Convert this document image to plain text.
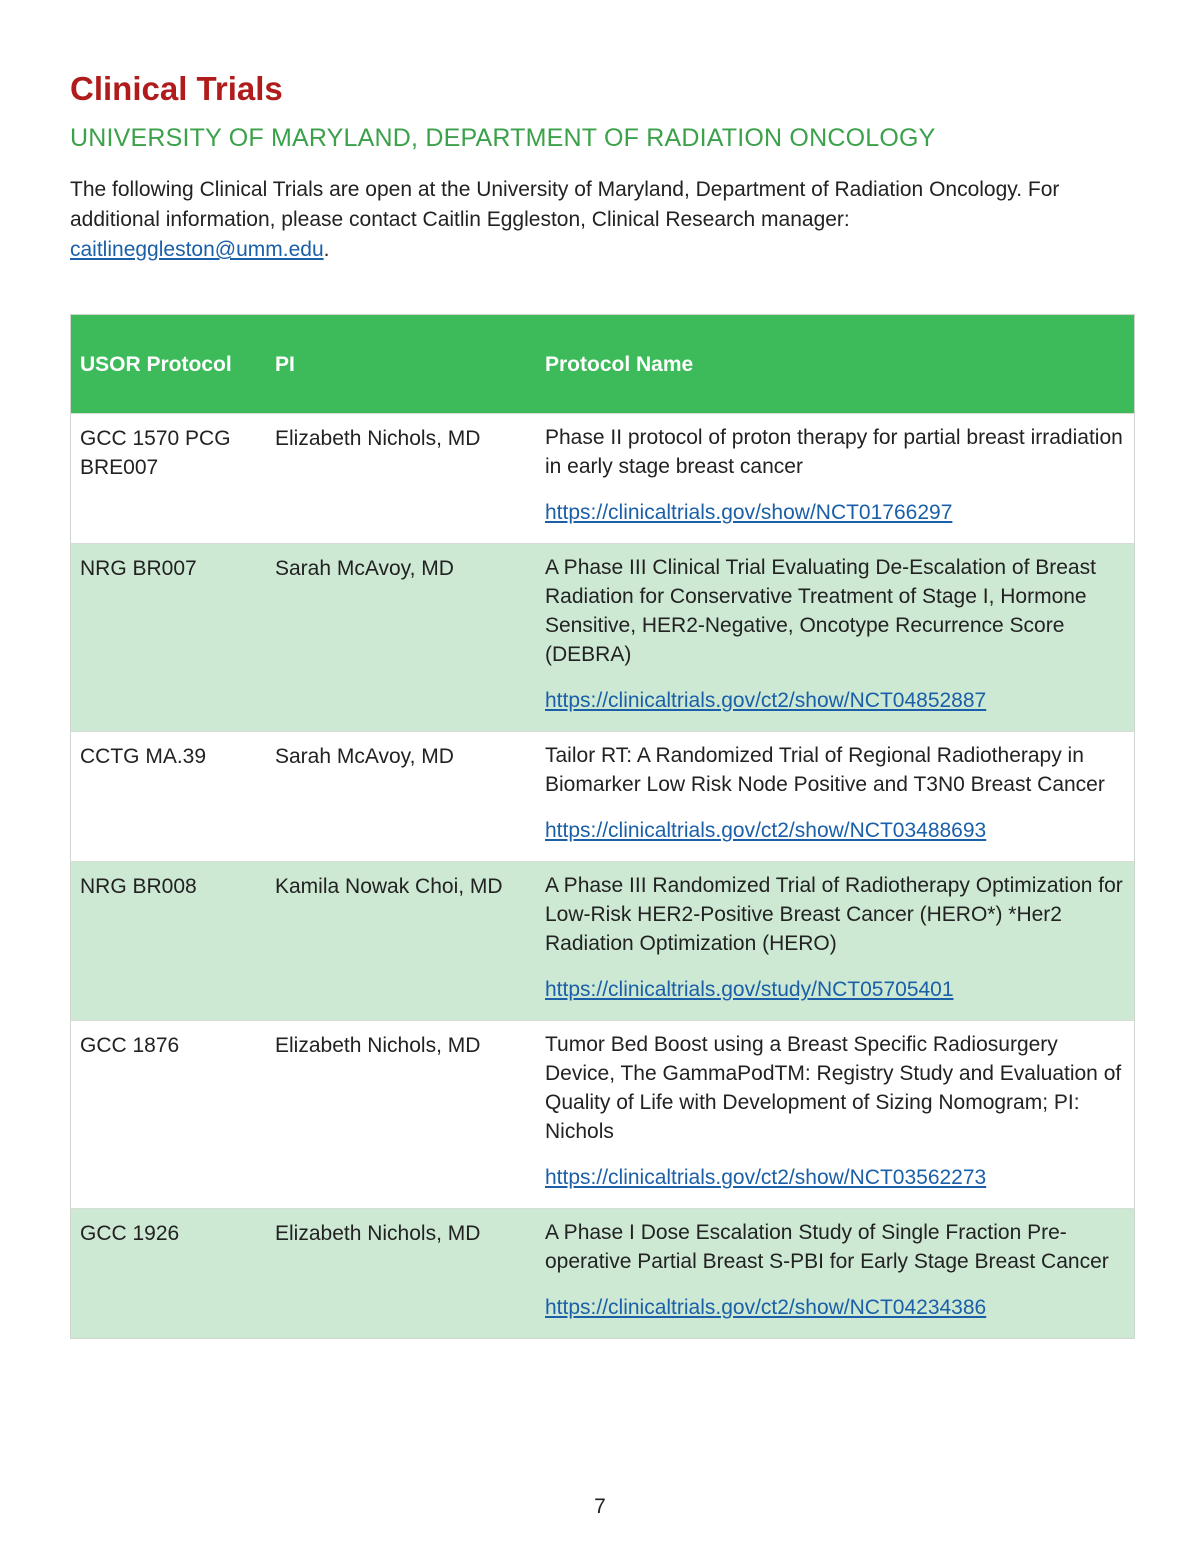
Clinical Trials
UNIVERSITY OF MARYLAND, DEPARTMENT OF RADIATION ONCOLOGY

The following Clinical Trials are open at the University of Maryland, Department of Radiation Oncology. For additional information, please contact Caitlin Eggleston, Clinical Research manager: caitlineggleston@umm.edu.

USOR Protocol	PI	Protocol Name
GCC 1570 PCG BRE007	Elizabeth Nichols, MD	Phase II protocol of proton therapy for partial breast irradiation in early stage breast cancer
https://clinicaltrials.gov/show/NCT01766297

NRG BR007	Sarah McAvoy, MD	A Phase III Clinical Trial Evaluating De-Escalation of Breast Radiation for Conservative Treatment of Stage I, Hormone Sensitive, HER2-Negative, Oncotype Recurrence Score (DEBRA)
https://clinicaltrials.gov/ct2/show/NCT04852887

CCTG MA.39	Sarah McAvoy, MD	Tailor RT: A Randomized Trial of Regional Radiotherapy in Biomarker Low Risk Node Positive and T3N0 Breast Cancer
https://clinicaltrials.gov/ct2/show/NCT03488693

NRG BR008	Kamila Nowak Choi, MD	A Phase III Randomized Trial of Radiotherapy Optimization for Low-Risk HER2-Positive Breast Cancer (HERO*) *Her2 Radiation Optimization (HERO)
https://clinicaltrials.gov/study/NCT05705401

GCC 1876	Elizabeth Nichols, MD	Tumor Bed Boost using a Breast Specific Radiosurgery Device, The GammaPodTM: Registry Study and Evaluation of Quality of Life with Development of Sizing Nomogram; PI: Nichols
https://clinicaltrials.gov/ct2/show/NCT03562273

GCC 1926	Elizabeth Nichols, MD	A Phase I Dose Escalation Study of Single Fraction Pre-operative Partial Breast S-PBI for Early Stage Breast Cancer
https://clinicaltrials.gov/ct2/show/NCT04234386
7
